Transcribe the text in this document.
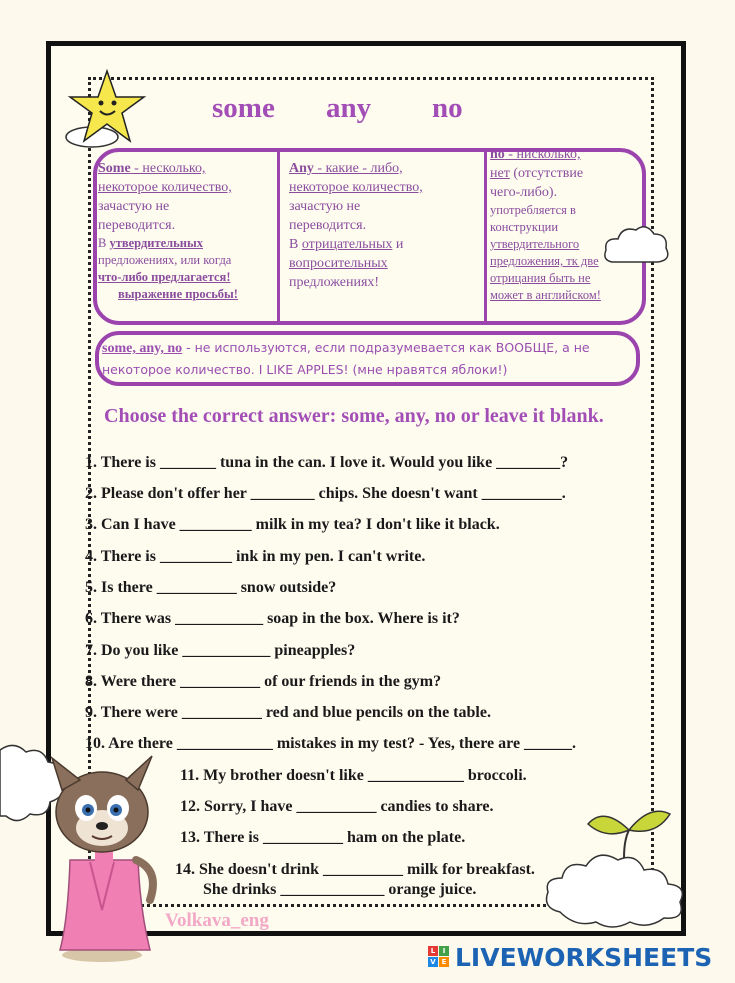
some any no
Some - несколько,
некоторое количество,
зачастую не
переводится.
В утвердительных
предложениях, или когда
что-либо предлагается!
выражение просьбы!
Any - какие - либо,
некоторое количество,
зачастую не
переводится.
В отрицательных и
вопросительных
предложениях!
no - нисколько,
нет (отсутствие
чего-либо).
употребляется в
конструкции
утвердительного
предложения, тк две
отрицания быть не
может в английском!
some, any, no - не используются, если подразумевается как ВООБЩЕ, а не некоторое количество. I LIKE APPLES! (мне нравятся яблоки!)
Choose the correct answer: some, any, no or leave it blank.
1. There is _______ tuna in the can. I love it. Would you like ________?
2. Please don't offer her ________ chips. She doesn't want __________.
3. Can I have _________ milk in my tea? I don't like it black.
4. There is _________ ink in my pen. I can't write.
5. Is there __________ snow outside?
6. There was ___________ soap in the box. Where is it?
7. Do you like ___________ pineapples?
8. Were there __________ of our friends in the gym?
9. There were __________ red and blue pencils on the table.
10. Are there ____________ mistakes in my test? - Yes, there are ______.
11. My brother doesn't like ____________ broccoli.
12. Sorry, I have __________ candies to share.
13. There is __________ ham on the plate.
14. She doesn't drink __________ milk for breakfast.
She drinks _____________ orange juice.
Volkava_eng
L	I
V E LIVEWORKSHEETS
